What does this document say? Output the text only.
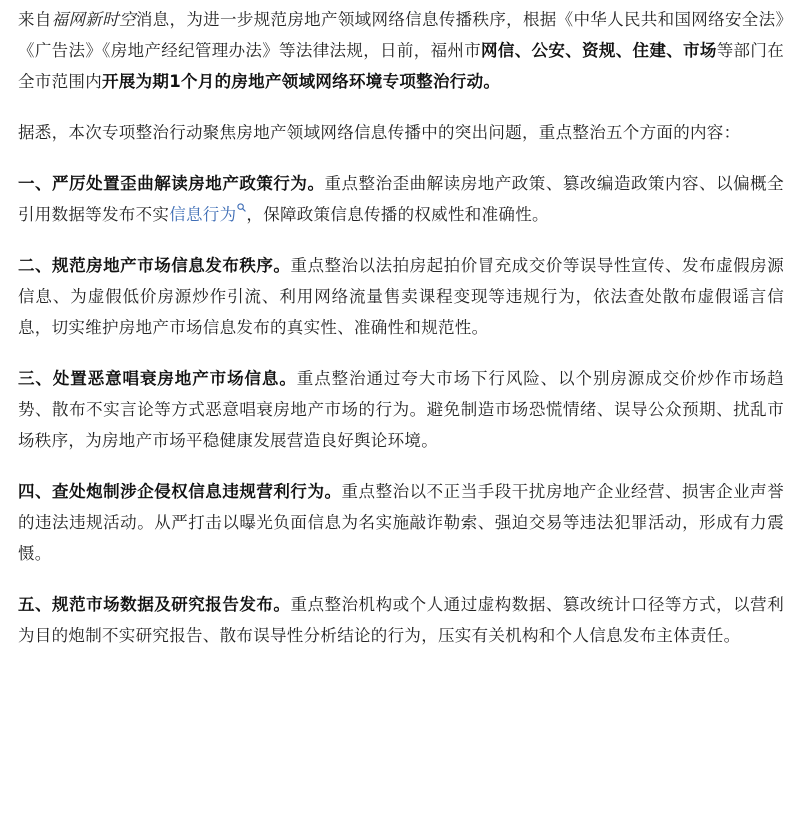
来自福网新时空消息，为进一步规范房地产领域网络信息传播秩序，根据《中华人民共和国网络安全法》《广告法》《房地产经纪管理办法》等法律法规，日前，福州市网信、公安、资规、住建、市场等部门在全市范围内开展为期1个月的房地产领域网络环境专项整治行动。

据悉，本次专项整治行动聚焦房地产领域网络信息传播中的突出问题，重点整治五个方面的内容：

一、严厉处置歪曲解读房地产政策行为。重点整治歪曲解读房地产政策、篡改编造政策内容、以偏概全引用数据等发布不实信息行为 ，保障政策信息传播的权威性和准确性。

二、规范房地产市场信息发布秩序。重点整治以法拍房起拍价冒充成交价等误导性宣传、发布虚假房源信息、为虚假低价房源炒作引流、利用网络流量售卖课程变现等违规行为，依法查处散布虚假谣言信息，切实维护房地产市场信息发布的真实性、准确性和规范性。

三、处置恶意唱衰房地产市场信息。重点整治通过夸大市场下行风险、以个别房源成交价炒作市场趋势、散布不实言论等方式恶意唱衰房地产市场的行为。避免制造市场恐慌情绪、误导公众预期、扰乱市场秩序，为房地产市场平稳健康发展营造良好舆论环境。

四、查处炮制涉企侵权信息违规营利行为。重点整治以不正当手段干扰房地产企业经营、损害企业声誉的违法违规活动。从严打击以曝光负面信息为名实施敲诈勒索、强迫交易等违法犯罪活动，形成有力震慑。

五、规范市场数据及研究报告发布。重点整治机构或个人通过虚构数据、篡改统计口径等方式，以营利为目的炮制不实研究报告、散布误导性分析结论的行为，压实有关机构和个人信息发布主体责任。
